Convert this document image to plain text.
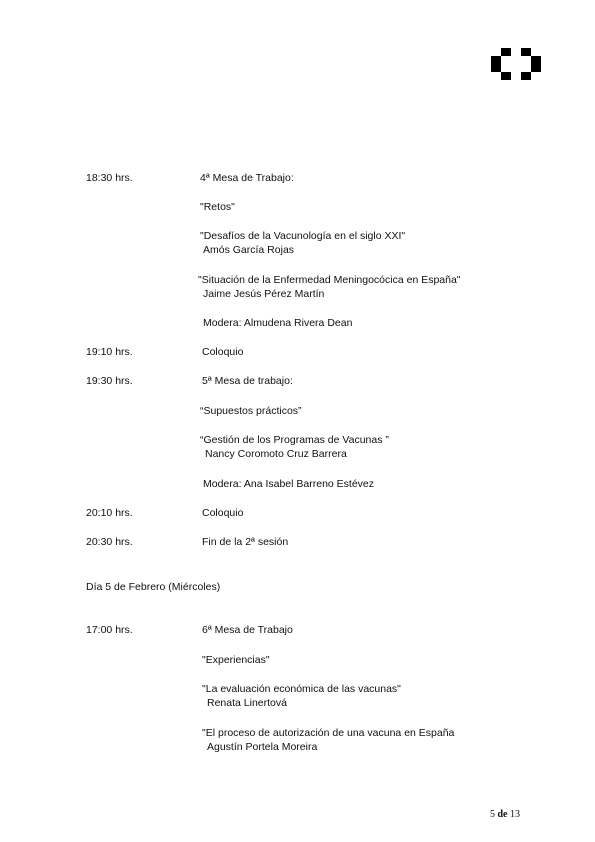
18:30 hrs.	4ª Mesa de Trabajo:
"Retos"
"Desafíos de la Vacunología en el siglo XXI"
Amós García Rojas
"Situación de la Enfermedad Meningocócica en España"
Jaime Jesús Pérez Martín
Modera: Almudena Rivera Dean
19:10 hrs.	Coloquio
19:30 hrs.	5ª Mesa de trabajo:
“Supuestos prácticos”
“Gestión de los Programas de Vacunas ”
Nancy Coromoto Cruz Barrera
Modera: Ana Isabel Barreno Estévez
20:10 hrs.	Coloquio
20:30 hrs.	Fin de la 2ª sesión
Día 5 de Febrero (Miércoles)
17:00 hrs.	6ª Mesa de Trabajo
"Experiencias"
"La evaluación económica de las vacunas"
Renata Linertová
"El proceso de autorización de una vacuna en España
Agustín Portela Moreira
5 de 13
